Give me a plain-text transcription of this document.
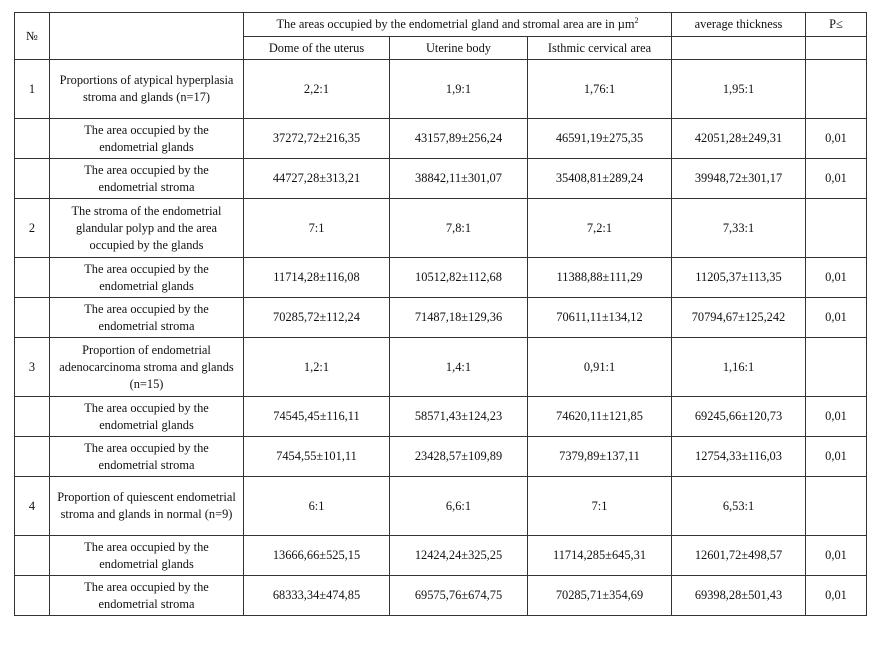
№		The areas occupied by the endometrial gland and stromal area are in µm$^2$			average thickness	P≤
		Dome of the uterus	Uterine body	Isthmic cervical area		
1	Proportions of atypical hyperplasia stroma and glands (n=17)	2,2:1	1,9:1	1,76:1	1,95:1	
	The area occupied by the endometrial glands	37272,72±216,35	43157,89±256,24	46591,19±275,35	42051,28±249,31	0,01
	The area occupied by the endometrial stroma	44727,28±313,21	38842,11±301,07	35408,81±289,24	39948,72±301,17	0,01
2	The stroma of the endometrial glandular polyp and the area occupied by the glands	7:1	7,8:1	7,2:1	7,33:1	
	The area occupied by the endometrial glands	11714,28±116,08	10512,82±112,68	11388,88±111,29	11205,37±113,35	0,01
	The area occupied by the endometrial stroma	70285,72±112,24	71487,18±129,36	70611,11±134,12	70794,67±125,242	0,01
3	Proportion of endometrial adenocarcinoma stroma and glands (n=15)	1,2:1	1,4:1	0,91:1	1,16:1	
	The area occupied by the endometrial glands	74545,45±116,11	58571,43±124,23	74620,11±121,85	69245,66±120,73	0,01
	The area occupied by the endometrial stroma	7454,55±101,11	23428,57±109,89	7379,89±137,11	12754,33±116,03	0,01
4	Proportion of quiescent endometrial stroma and glands in normal (n=9)	6:1	6,6:1	7:1	6,53:1	
	The area occupied by the endometrial glands	13666,66±525,15	12424,24±325,25	11714,285±645,31	12601,72±498,57	0,01
	The area occupied by the endometrial stroma	68333,34±474,85	69575,76±674,75	70285,71±354,69	69398,28±501,43	0,01
